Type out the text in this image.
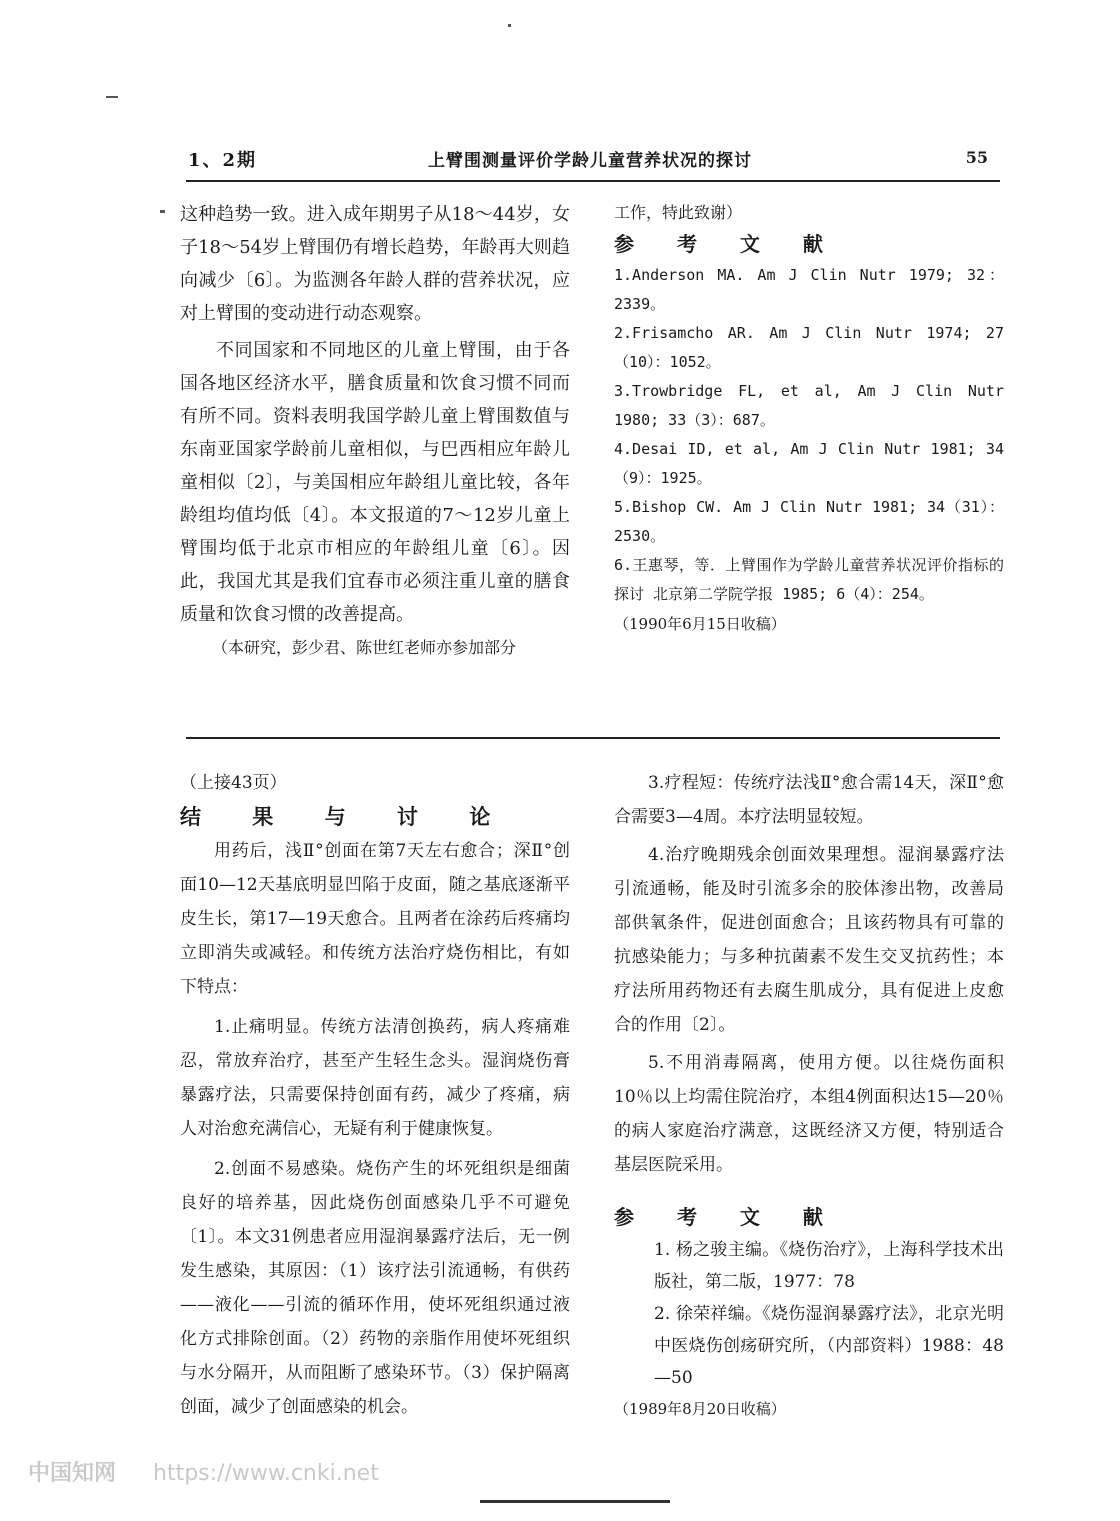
1、2期	上臂围测量评价学龄儿童营养状况的探讨	55

这种趋势一致。进入成年期男子从18～44岁，女子18～54岁上臂围仍有增长趋势，年龄再大则趋向减少〔6〕。为监测各年龄人群的营养状况，应对上臂围的变动进行动态观察。

不同国家和不同地区的儿童上臂围，由于各国各地区经济水平，膳食质量和饮食习惯不同而有所不同。资料表明我国学龄儿童上臂围数值与东南亚国家学龄前儿童相似，与巴西相应年龄儿童相似〔2〕，与美国相应年龄组儿童比较，各年龄组均值均低〔4〕。本文报道的7～12岁儿童上臂围均低于北京市相应的年龄组儿童〔6〕。因此，我国尤其是我们宜春市必须注重儿童的膳食质量和饮食习惯的改善提高。

（本研究，彭少君、陈世红老师亦参加部分

工作，特此致谢）

参 考 文 献

1.Anderson MA. Am J Clin Nutr 1979; 32：2339。

2.Frisamcho AR. Am J Clin Nutr 1974; 27（10）：1052。

3.Trowbridge FL, et al, Am J Clin Nutr 1980; 33（3）：687。

4.Desai ID, et al, Am J Clin Nutr 1981; 34（9）：1925。

5.Bishop CW. Am J Clin Nutr 1981; 34（31）：2530。

6.王惠琴，等．上臂围作为学龄儿童营养状况评价指标的探讨 北京第二学院学报 1985; 6（4）：254。

（1990年6月15日收稿）

（上接43页）

结 果 与 讨 论

用药后，浅Ⅱ°创面在第7天左右愈合；深Ⅱ°创面10—12天基底明显凹陷于皮面，随之基底逐渐平皮生长，第17—19天愈合。且两者在涂药后疼痛均立即消失或减轻。和传统方法治疗烧伤相比，有如下特点：

1.止痛明显。传统方法清创换药，病人疼痛难忍，常放弃治疗，甚至产生轻生念头。湿润烧伤膏暴露疗法，只需要保持创面有药，减少了疼痛，病人对治愈充满信心，无疑有利于健康恢复。

2.创面不易感染。烧伤产生的坏死组织是细菌良好的培养基，因此烧伤创面感染几乎不可避免〔1〕。本文31例患者应用湿润暴露疗法后，无一例发生感染，其原因：（1）该疗法引流通畅，有供药——液化——引流的循环作用，使坏死组织通过液化方式排除创面。（2）药物的亲脂作用使坏死组织与水分隔开，从而阻断了感染环节。（3）保护隔离创面，减少了创面感染的机会。

3.疗程短：传统疗法浅Ⅱ°愈合需14天，深Ⅱ°愈合需要3—4周。本疗法明显较短。

4.治疗晚期残余创面效果理想。湿润暴露疗法引流通畅，能及时引流多余的胶体渗出物，改善局部供氧条件，促进创面愈合；且该药物具有可靠的抗感染能力；与多种抗菌素不发生交叉抗药性；本疗法所用药物还有去腐生肌成分，具有促进上皮愈合的作用〔2〕。

5.不用消毒隔离，使用方便。以往烧伤面积10％以上均需住院治疗，本组4例面积达15—20％的病人家庭治疗满意，这既经济又方便，特别适合基层医院采用。

参 考 文 献

1. 杨之骏主编。《烧伤治疗》，上海科学技术出版社，第二版，1977：78

2. 徐荣祥编。《烧伤湿润暴露疗法》，北京光明中医烧伤创疡研究所，（内部资料）1988：48—50

（1989年8月20日收稿）

中国知网 https://www.cnki.net
